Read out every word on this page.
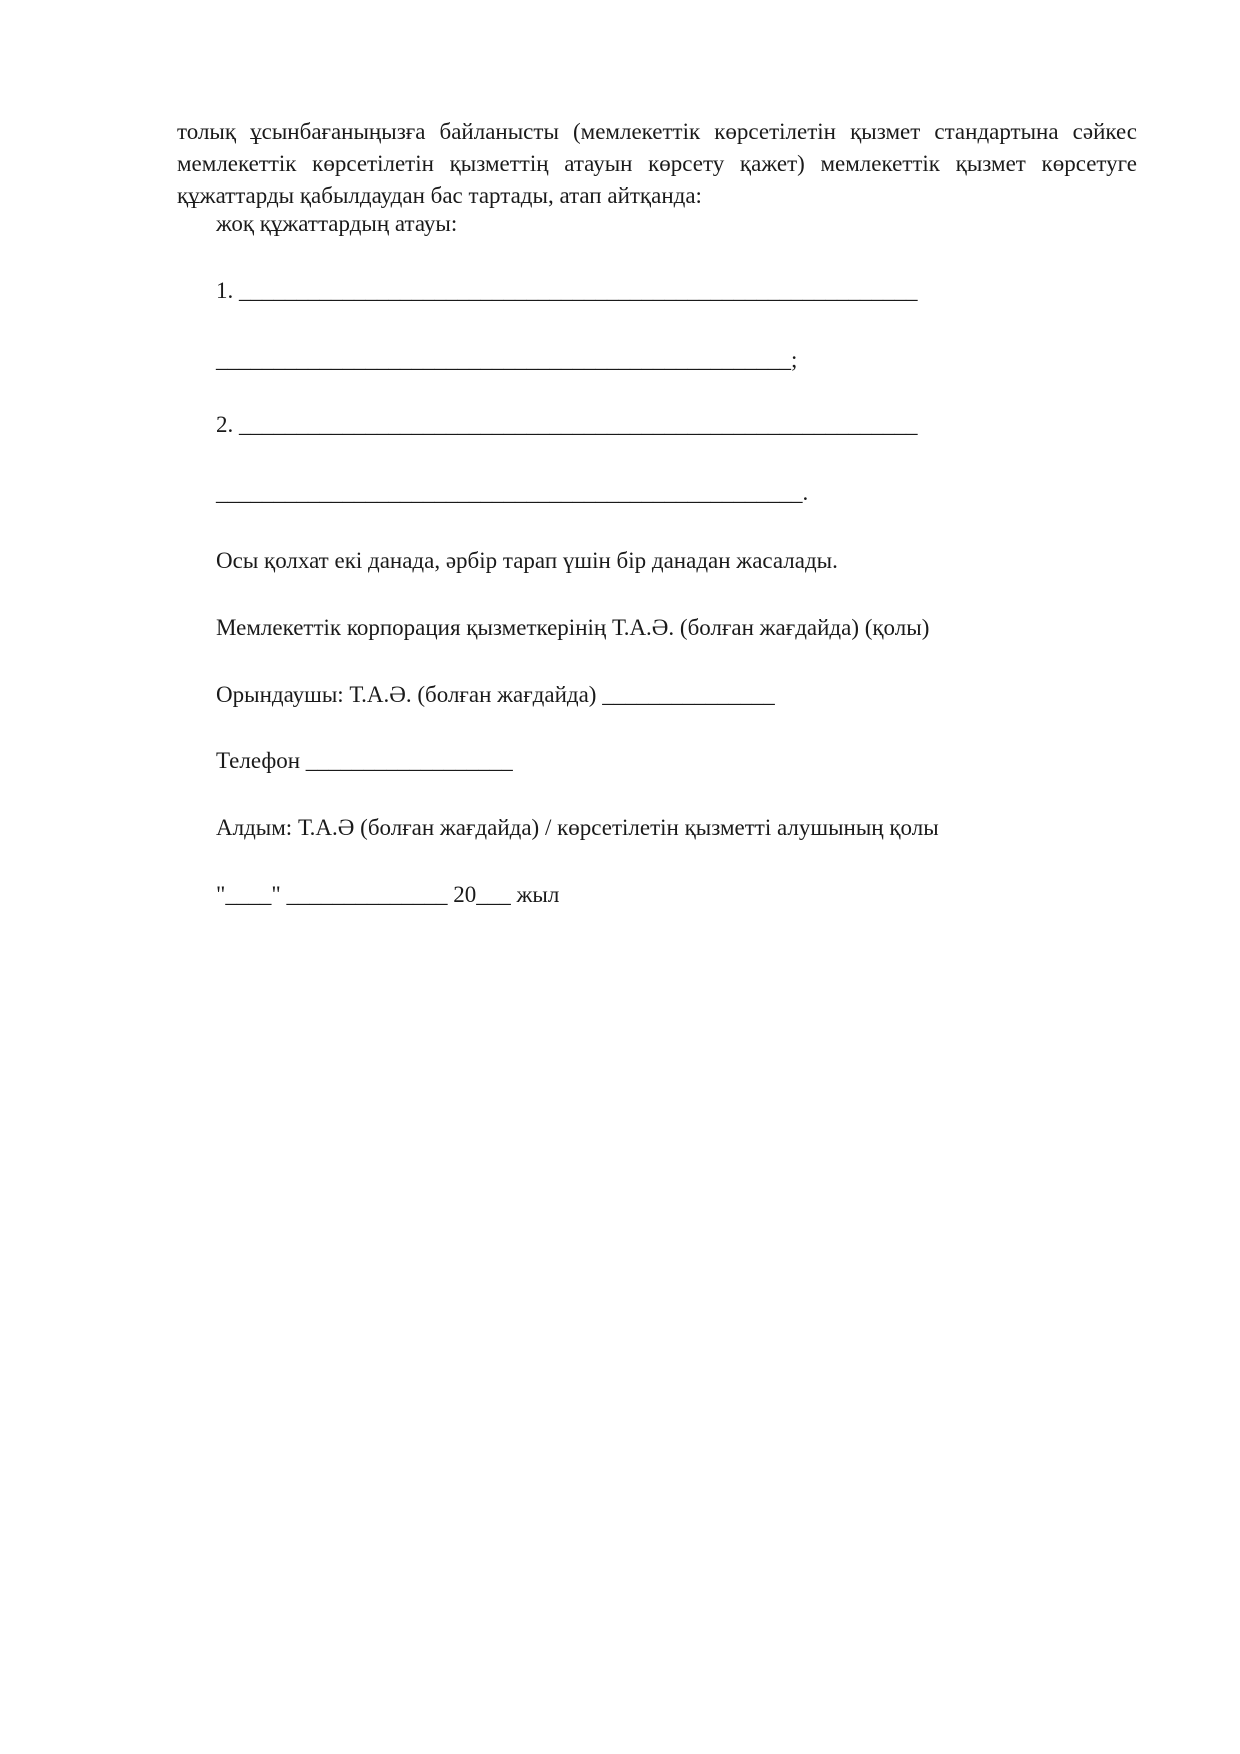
толық ұсынбағаныңызға байланысты (мемлекеттік көрсетілетін қызмет стандартына сәйкес мемлекеттік көрсетілетін қызметтің атауын көрсету қажет) мемлекеттік қызмет көрсетуге құжаттарды қабылдаудан бас тартады, атап айтқанда:
жоқ құжаттардың атауы:
1. ___________________________________________________________
__________________________________________________;
2. ___________________________________________________________
___________________________________________________.
Осы қолхат екі данада, әрбір тарап үшін бір данадан жасалады.
Мемлекеттік корпорация қызметкерінің Т.А.Ә. (болған жағдайда) (қолы)
Орындаушы: Т.А.Ә. (болған жағдайда) _______________
Телефон __________________
Алдым: Т.А.Ә (болған жағдайда) / көрсетілетін қызметті алушының қолы
"____" ______________ 20___ жыл
